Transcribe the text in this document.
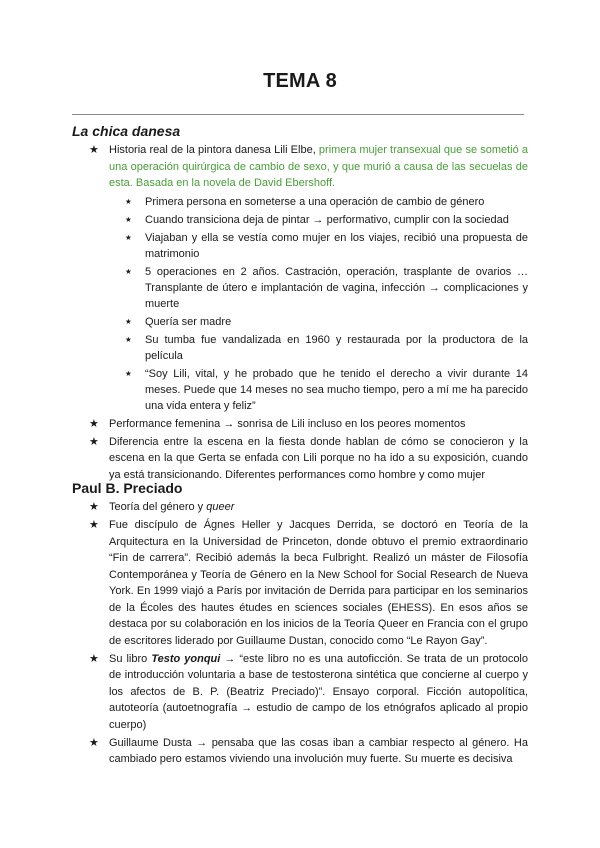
TEMA 8
La chica danesa
★ Historia real de la pintora danesa Lili Elbe, primera mujer transexual que se sometió a una operación quirúrgica de cambio de sexo, y que murió a causa de las secuelas de esta. Basada en la novela de David Ebershoff.
★ Primera persona en someterse a una operación de cambio de género
★ Cuando transiciona deja de pintar → performativo, cumplir con la sociedad
★ Viajaban y ella se vestía como mujer en los viajes, recibió una propuesta de matrimonio
★ 5 operaciones en 2 años. Castración, operación, trasplante de ovarios … Transplante de útero e implantación de vagina, infección → complicaciones y muerte
★ Quería ser madre
★ Su tumba fue vandalizada en 1960 y restaurada por la productora de la película
★ “Soy Lili, vital, y he probado que he tenido el derecho a vivir durante 14 meses. Puede que 14 meses no sea mucho tiempo, pero a mí me ha parecido una vida entera y feliz”
★ Performance femenina → sonrisa de Lili incluso en los peores momentos
★ Diferencia entre la escena en la fiesta donde hablan de cómo se conocieron y la escena en la que Gerta se enfada con Lili porque no ha ido a su exposición, cuando ya está transicionando. Diferentes performances como hombre y como mujer
Paul B. Preciado
★ Teoría del género y queer
★ Fue discípulo de Ágnes Heller y Jacques Derrida, se doctoró en Teoría de la Arquitectura en la Universidad de Princeton, donde obtuvo el premio extraordinario “Fin de carrera”. Recibió además la beca Fulbright. Realizó un máster de Filosofía Contemporánea y Teoría de Género en la New School for Social Research de Nueva York. En 1999 viajó a París por invitación de Derrida para participar en los seminarios de la Écoles des hautes études en sciences sociales (EHESS). En esos años se destaca por su colaboración en los inicios de la Teoría Queer en Francia con el grupo de escritores liderado por Guillaume Dustan, conocido como “Le Rayon Gay”.
★ Su libro Testo yonqui → “este libro no es una autoficción. Se trata de un protocolo de introducción voluntaria a base de testosterona sintética que concierne al cuerpo y los afectos de B. P. (Beatriz Preciado)”. Ensayo corporal. Ficción autopolítica, autoteoría (autoetnografía → estudio de campo de los etnógrafos aplicado al propio cuerpo)
★ Guillaume Dusta → pensaba que las cosas iban a cambiar respecto al género. Ha cambiado pero estamos viviendo una involución muy fuerte. Su muerte es decisiva
